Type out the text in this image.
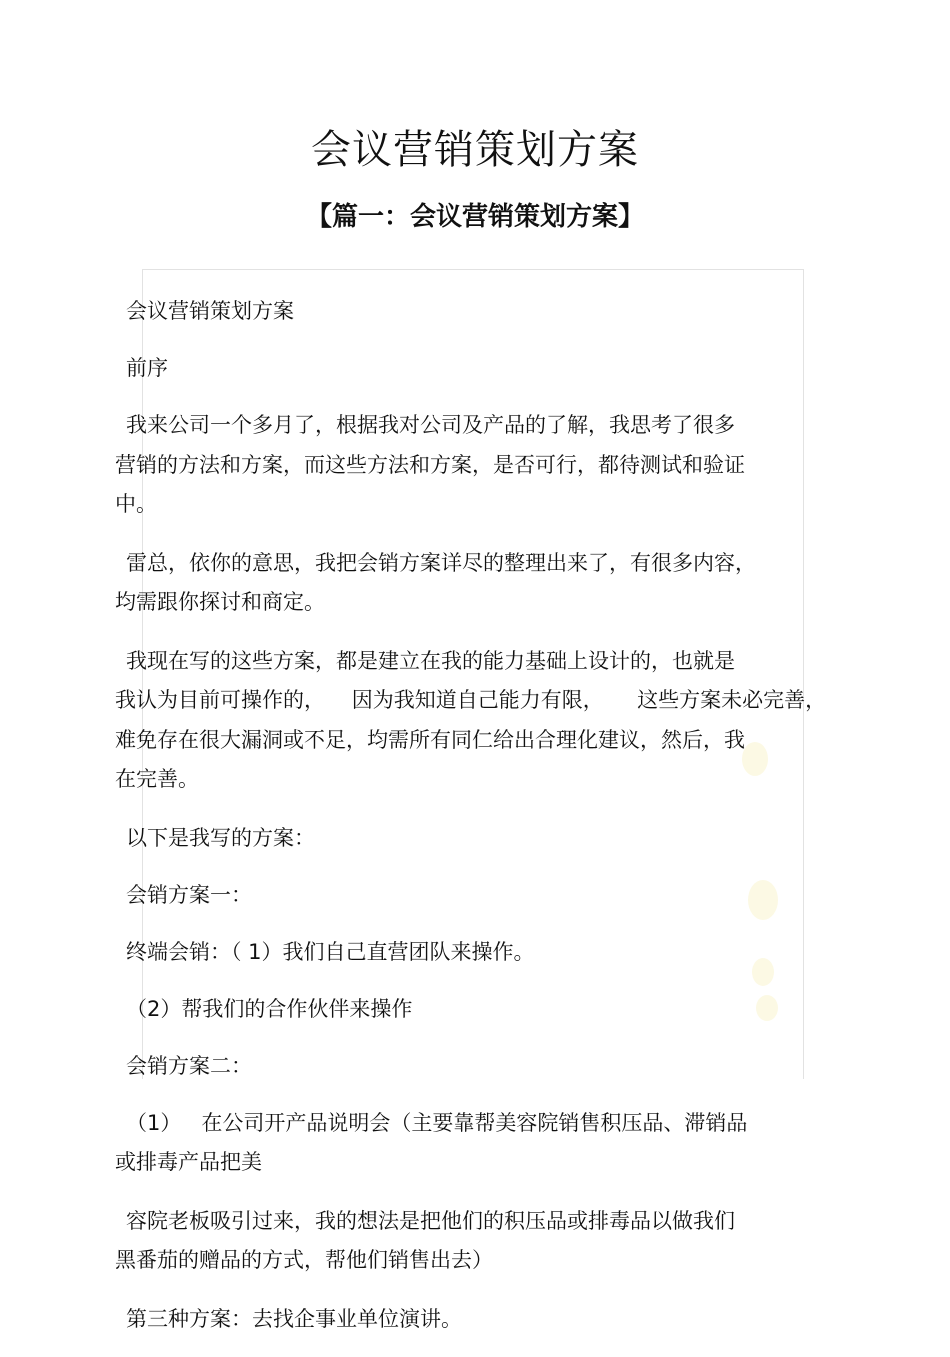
会议营销策划方案
【篇一：会议营销策划方案】

会议营销策划方案

前序

我来公司一个多月了，根据我对公司及产品的了解，我思考了很多
营销的方法和方案，而这些方法和方案，是否可行，都待测试和验证
中。

雷总，依你的意思，我把会销方案详尽的整理出来了，有很多内容，
均需跟你探讨和商定。

我现在写的这些方案，都是建立在我的能力基础上设计的，也就是
我认为目前可操作的，    因为我知道自己能力有限，     这些方案未必完善，
难免存在很大漏洞或不足，均需所有同仁给出合理化建议，然后，我
在完善。

以下是我写的方案：

会销方案一：

终端会销：（ 1）我们自己直营团队来操作。

（2）帮我们的合作伙伴来操作

会销方案二：

（1）   在公司开产品说明会（主要靠帮美容院销售积压品、滞销品
或排毒产品把美

容院老板吸引过来，我的想法是把他们的积压品或排毒品以做我们
黑番茄的赠品的方式，帮他们销售出去）

第三种方案：去找企事业单位演讲。
